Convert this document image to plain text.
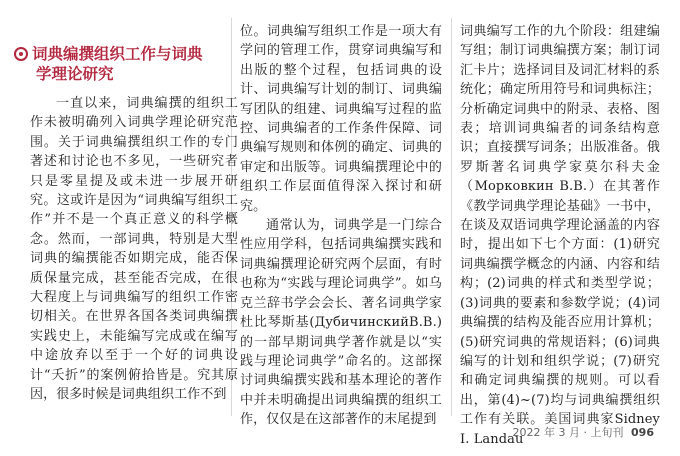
词典编撰组织工作与词典
学理论研究

一直以来，词典编撰的组织工作未被明确列入词典学理论研究范围。关于词典编撰组织工作的专门著述和讨论也不多见，一些研究者只是零星提及或未进一步展开研究。这或许是因为“词典编写组织工作”并不是一个真正意义的科学概念。然而，一部词典，特别是大型词典的编撰能否如期完成，能否保质保量完成，甚至能否完成，在很大程度上与词典编写的组织工作密切相关。在世界各国各类词典编撰实践史上，未能编写完成或在编写中途放弃以至于一个好的词典设计“夭折”的案例俯拾皆是。究其原因，很多时候是词典组织工作不到

位。词典编写组织工作是一项大有学问的管理工作，贯穿词典编写和出版的整个过程，包括词典的设计、词典编写计划的制订、词典编写团队的组建、词典编写过程的监控、词典编者的工作条件保障、词典编写规则和体例的确定、词典的审定和出版等。词典编撰理论中的组织工作层面值得深入探讨和研究。

通常认为，词典学是一门综合性应用学科，包括词典编撰实践和词典编撰理论研究两个层面，有时也称为“实践与理论词典学”。如乌克兰辞书学会会长、著名词典学家杜比琴斯基(ДубичинскийВ.В.)的一部早期词典学著作就是以“实践与理论词典学”命名的。这部探讨词典编撰实践和基本理论的著作中并未明确提出词典编撰的组织工作，仅仅是在这部著作的末尾提到

词典编写工作的九个阶段：组建编写组；制订词典编撰方案；制订词汇卡片；选择词目及词汇材料的系统化；确定所用符号和词典标注；分析确定词典中的附录、表格、图表；培训词典编者的词条结构意识；直接撰写词条；出版准备。俄罗斯著名词典学家莫尔科夫金（Морковкин В.В.）在其著作《教学词典学理论基础》一书中，在谈及双语词典学理论涵盖的内容时，提出如下七个方面：(1)研究词典编撰学概念的内涵、内容和结构；(2)词典的样式和类型学说；(3)词典的要素和参数学说；(4)词典编撰的结构及能否应用计算机；(5)研究词典的常规语料；(6)词典编写的计划和组织学说；(7)研究和确定词典编撰的规则。可以看出，第(4)~(7)均与词典编撰组织工作有关联。美国词典家Sidney I. Landau

2022 年 3 月 · 上旬刊 096
